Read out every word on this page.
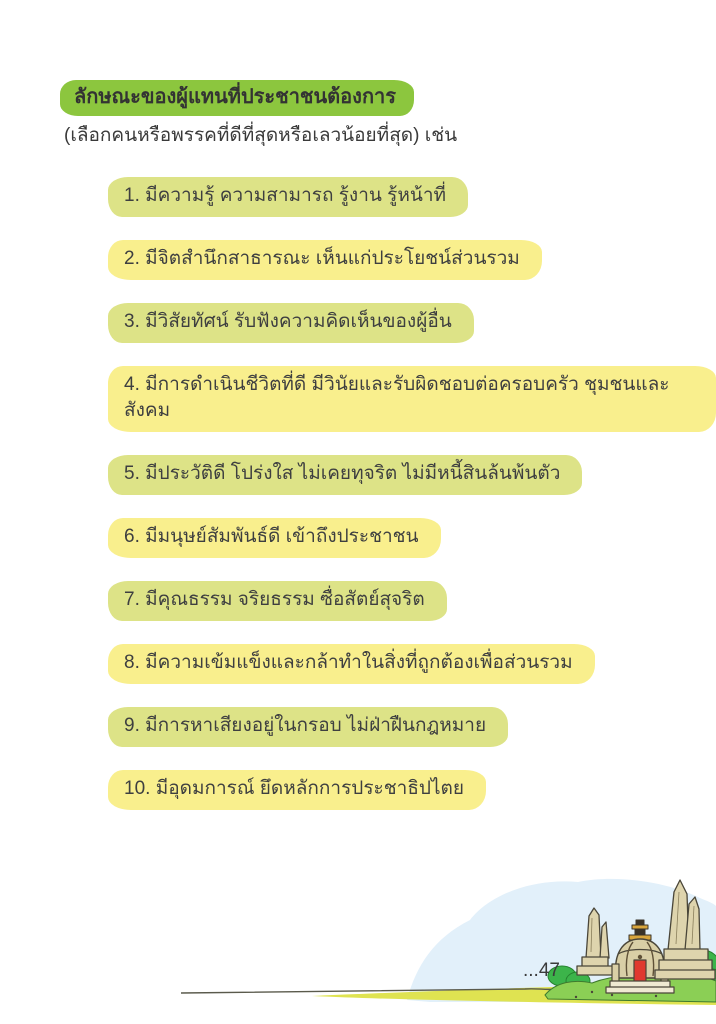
ลักษณะของผู้แทนที่ประชาชนต้องการ
(เลือกคนหรือพรรคที่ดีที่สุดหรือเลวน้อยที่สุด) เช่น
1. มีความรู้ ความสามารถ รู้งาน รู้หน้าที่
2. มีจิตสำนึกสาธารณะ เห็นแก่ประโยชน์ส่วนรวม
3. มีวิสัยทัศน์ รับฟังความคิดเห็นของผู้อื่น
4. มีการดำเนินชีวิตที่ดี มีวินัยและรับผิดชอบต่อครอบครัว ชุมชนและสังคม
5. มีประวัติดี โปร่งใส ไม่เคยทุจริต ไม่มีหนี้สินล้นพ้นตัว
6. มีมนุษย์สัมพันธ์ดี เข้าถึงประชาชน
7. มีคุณธรรม จริยธรรม ซื่อสัตย์สุจริต
8. มีความเข้มแข็งและกล้าทำในสิ่งที่ถูกต้องเพื่อส่วนรวม
9. มีการหาเสียงอยู่ในกรอบ ไม่ฝ่าฝืนกฎหมาย
10. มีอุดมการณ์ ยึดหลักการประชาธิปไตย
...47
